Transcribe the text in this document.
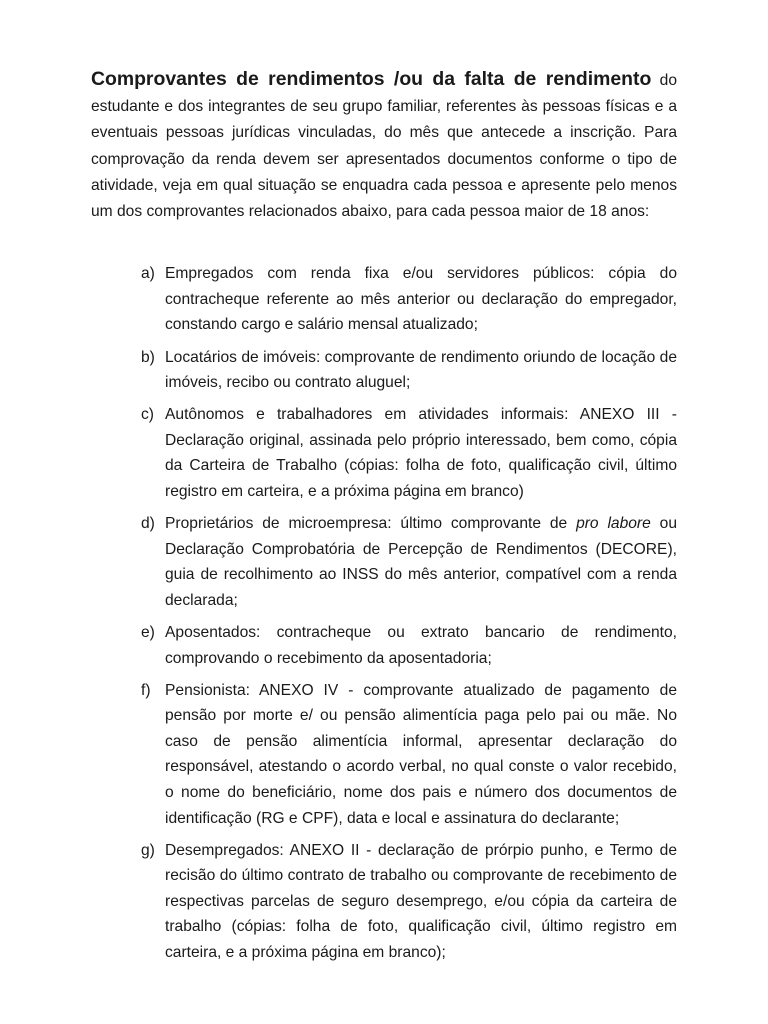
Comprovantes de rendimentos /ou da falta de rendimento do estudante e dos integrantes de seu grupo familiar, referentes às pessoas físicas e a eventuais pessoas jurídicas vinculadas, do mês que antecede a inscrição. Para comprovação da renda devem ser apresentados documentos conforme o tipo de atividade, veja em qual situação se enquadra cada pessoa e apresente pelo menos um dos comprovantes relacionados abaixo, para cada pessoa maior de 18 anos:

a) Empregados com renda fixa e/ou servidores públicos: cópia do contracheque referente ao mês anterior ou declaração do empregador, constando cargo e salário mensal atualizado;
b) Locatários de imóveis: comprovante de rendimento oriundo de locação de imóveis, recibo ou contrato aluguel;
c) Autônomos e trabalhadores em atividades informais: ANEXO III - Declaração original, assinada pelo próprio interessado, bem como, cópia da Carteira de Trabalho (cópias: folha de foto, qualificação civil, último registro em carteira, e a próxima página em branco)
d) Proprietários de microempresa: último comprovante de pro labore ou Declaração Comprobatória de Percepção de Rendimentos (DECORE), guia de recolhimento ao INSS do mês anterior, compatível com a renda declarada;
e) Aposentados: contracheque ou extrato bancario de rendimento, comprovando o recebimento da aposentadoria;
f) Pensionista: ANEXO IV - comprovante atualizado de pagamento de pensão por morte e/ ou pensão alimentícia paga pelo pai ou mãe. No caso de pensão alimentícia informal, apresentar declaração do responsável, atestando o acordo verbal, no qual conste o valor recebido, o nome do beneficiário, nome dos pais e número dos documentos de identificação (RG e CPF), data e local e assinatura do declarante;
g) Desempregados: ANEXO II - declaração de prórpio punho, e Termo de recisão do último contrato de trabalho ou comprovante de recebimento de respectivas parcelas de seguro desemprego, e/ou cópia da carteira de trabalho (cópias: folha de foto, qualificação civil, último registro em carteira, e a próxima página em branco);
